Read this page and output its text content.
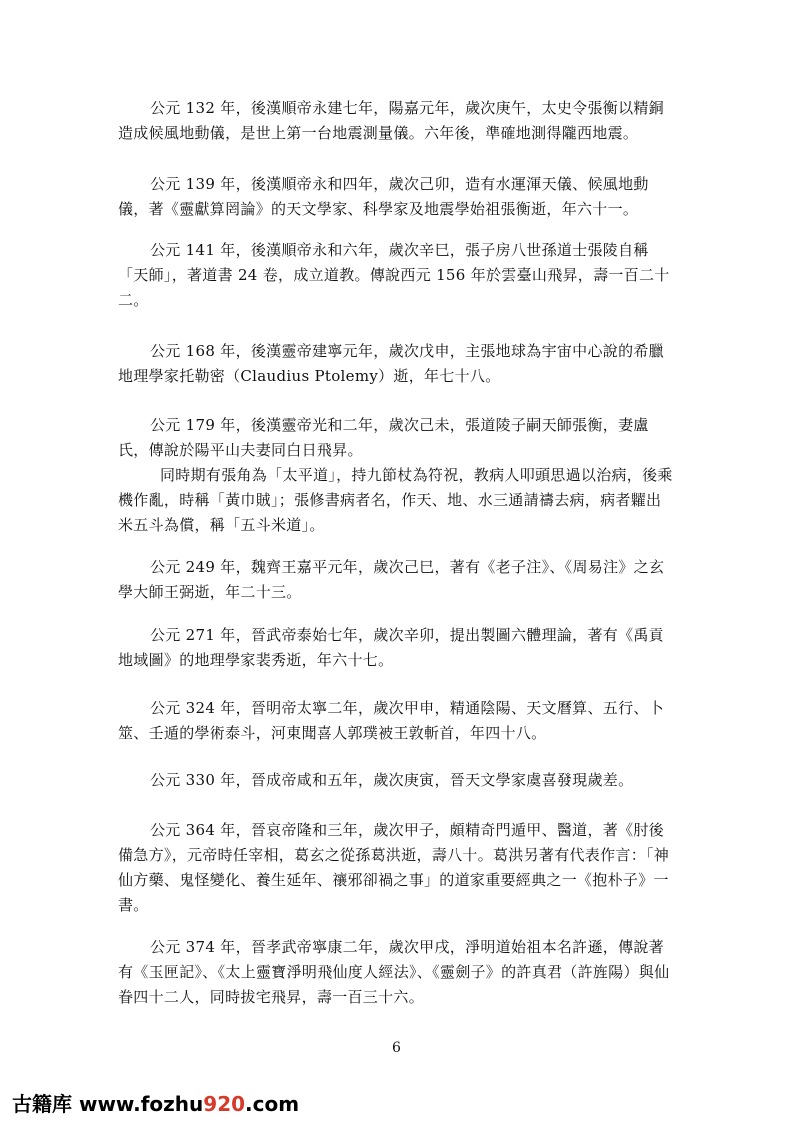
公元 132 年，後漢順帝永建七年，陽嘉元年，歲次庚午，太史令張衡以精銅造成候風地動儀，是世上第一台地震測量儀。六年後，準確地測得隴西地震。

公元 139 年，後漢順帝永和四年，歲次己卯，造有水運渾天儀、候風地動儀，著《靈獻算罔論》的天文學家、科學家及地震學始祖張衡逝，年六十一。

公元 141 年，後漢順帝永和六年，歲次辛巳，張子房八世孫道士張陵自稱「天師」，著道書 24 卷，成立道教。傳說西元 156 年於雲臺山飛昇，壽一百二十二。

公元 168 年，後漢靈帝建寧元年，歲次戊申，主張地球為宇宙中心說的希臘地理學家托勒密（Claudius Ptolemy）逝，年七十八。

公元 179 年，後漢靈帝光和二年，歲次己未，張道陵子嗣天師張衡，妻盧氏，傳說於陽平山夫妻同白日飛昇。

同時期有張角為「太平道」，持九節杖為符祝，教病人叩頭思過以治病，後乘機作亂，時稱「黃巾賊」；張修書病者名，作天、地、水三通請禱去病，病者糶出米五斗為償，稱「五斗米道」。

公元 249 年，魏齊王嘉平元年，歲次己巳，著有《老子注》、《周易注》之玄學大師王弼逝，年二十三。

公元 271 年，晉武帝泰始七年，歲次辛卯，提出製圖六體理論，著有《禹貢地域圖》的地理學家裴秀逝，年六十七。

公元 324 年，晉明帝太寧二年，歲次甲申，精通陰陽、天文曆算、五行、卜筮、壬遁的學術泰斗，河東聞喜人郭璞被王敦斬首，年四十八。

公元 330 年，晉成帝咸和五年，歲次庚寅，晉天文學家虞喜發現歲差。

公元 364 年，晉哀帝隆和三年，歲次甲子，頗精奇門遁甲、醫道，著《肘後備急方》，元帝時任宰相，葛玄之從孫葛洪逝，壽八十。葛洪另著有代表作言：「神仙方藥、鬼怪變化、養生延年、禳邪卻禍之事」的道家重要經典之一《抱朴子》一書。

公元 374 年，晉孝武帝寧康二年，歲次甲戌，淨明道始祖本名許遜，傳說著有《玉匣記》、《太上靈寶淨明飛仙度人經法》、《靈劍子》的許真君（許旌陽）與仙眷四十二人，同時拔宅飛昇，壽一百三十六。

6
古籍库 www.fozhu920.com
